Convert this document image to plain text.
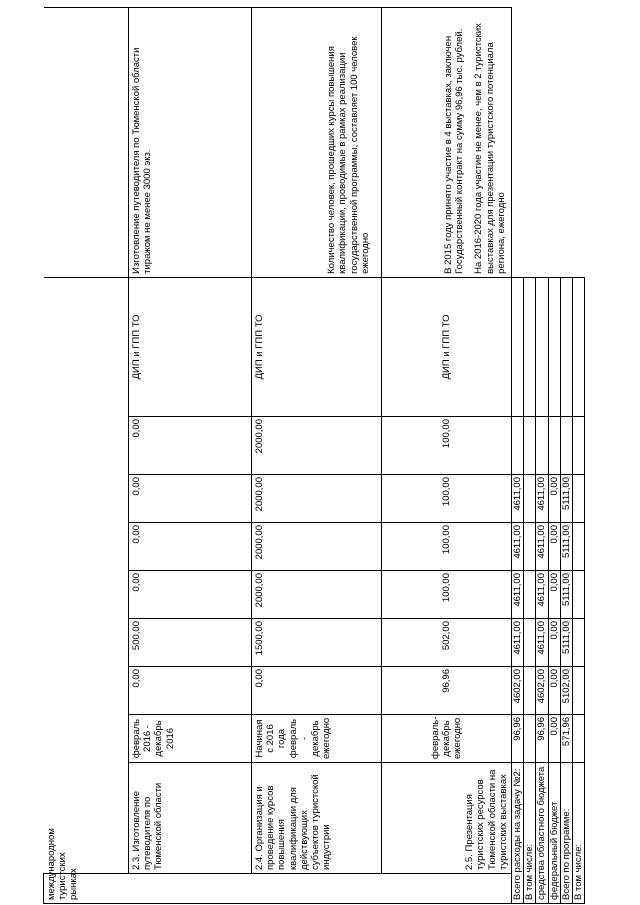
международном туристских рынках										
	2.3. Изготовление путеводителя по Тюменской области	февраль 2016 - декабрь 2016	0,00	500,00	0,00	0,00	0,00	0,00	ДИП и ГПП ТО	Изготовление путеводителя по Тюменской области тиражом не менее 3000 экз.

	2.4. Организация и проведение курсов повышения квалификации для действующих субъектов туристской индустрии	Начиная с 2016 года февраль - декабрь ежегодно	0,00	1500,00	2000,00	2000,00	2000,00	2000,00	ДИП и ГПП ТО	Количество человек, прошедших курсы повышения квалификации, проводимые в рамках реализации государственной программы, составляет 100 человек ежегодно

	2.5. Презентация туристских ресурсов Тюменской области на туристских выставках	февраль-декабрь ежегодно	96,96	502,00	100,00	100,00	100,00	100,00	ДИП и ГПП ТО	В 2015 году принято участие в 4 выставках, заключен Государственный контракт на сумму 96,96 тыс. рублей. На 2016-2020 года участие не менее, чем в 2 туристских выставках для презентации туристского потенциала региона, ежегодно

Всего расходы на задачу №2:		96,96	4602,00	4611,00	4611,00	4611,00	4611,00			
В том числе:										
средства областного бюджета		96,96	4602,00	4611,00	4611,00	4611,00	4611,00			
федеральный бюджет		0,00	0,00	0,00	0,00	0,00	0,00			
Всего по программе:		571,96	5102,00	5111,00	5111,00	5111,00	5111,00			
В том числе:										
